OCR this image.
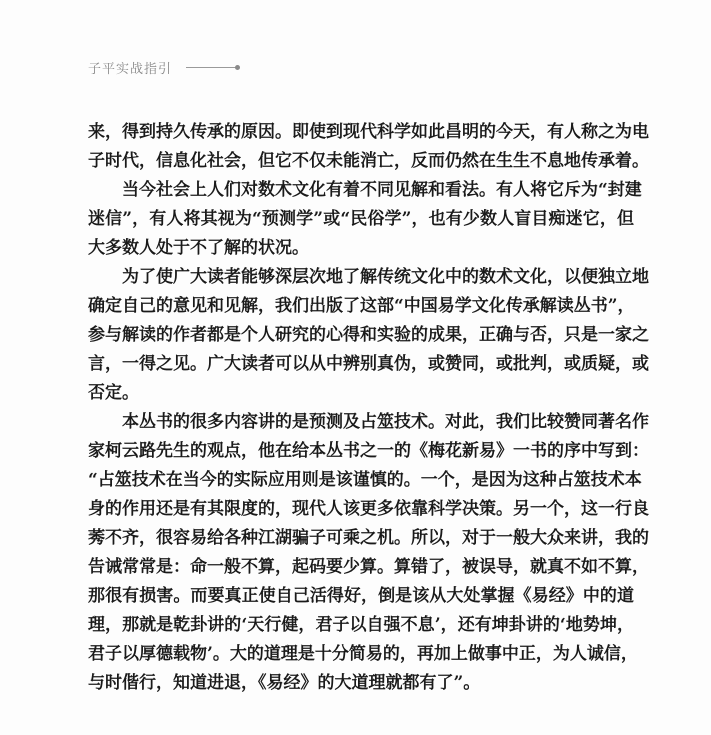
子平实战指引
来，得到持久传承的原因。即使到现代科学如此昌明的今天，有人称之为电
子时代，信息化社会，但它不仅未能消亡，反而仍然在生生不息地传承着。
当今社会上人们对数术文化有着不同见解和看法。有人将它斥为“封建
迷信”，有人将其视为“预测学”或“民俗学”，也有少数人盲目痴迷它，但
大多数人处于不了解的状况。
为了使广大读者能够深层次地了解传统文化中的数术文化，以便独立地
确定自己的意见和见解，我们出版了这部“中国易学文化传承解读丛书”，
参与解读的作者都是个人研究的心得和实验的成果，正确与否，只是一家之
言，一得之见。广大读者可以从中辨别真伪，或赞同，或批判，或质疑，或
否定。
本丛书的很多内容讲的是预测及占筮技术。对此，我们比较赞同著名作
家柯云路先生的观点，他在给本丛书之一的《梅花新易》一书的序中写到：
“占筮技术在当今的实际应用则是该谨慎的。一个，是因为这种占筮技术本
身的作用还是有其限度的，现代人该更多依靠科学决策。另一个，这一行良
莠不齐，很容易给各种江湖骗子可乘之机。所以，对于一般大众来讲，我的
告诫常常是：命一般不算，起码要少算。算错了，被误导，就真不如不算，
那很有损害。而要真正使自己活得好，倒是该从大处掌握《易经》中的道
理，那就是乾卦讲的‘天行健，君子以自强不息’，还有坤卦讲的‘地势坤，
君子以厚德载物’。大的道理是十分简易的，再加上做事中正，为人诚信，
与时偕行，知道进退，《易经》的大道理就都有了”。
